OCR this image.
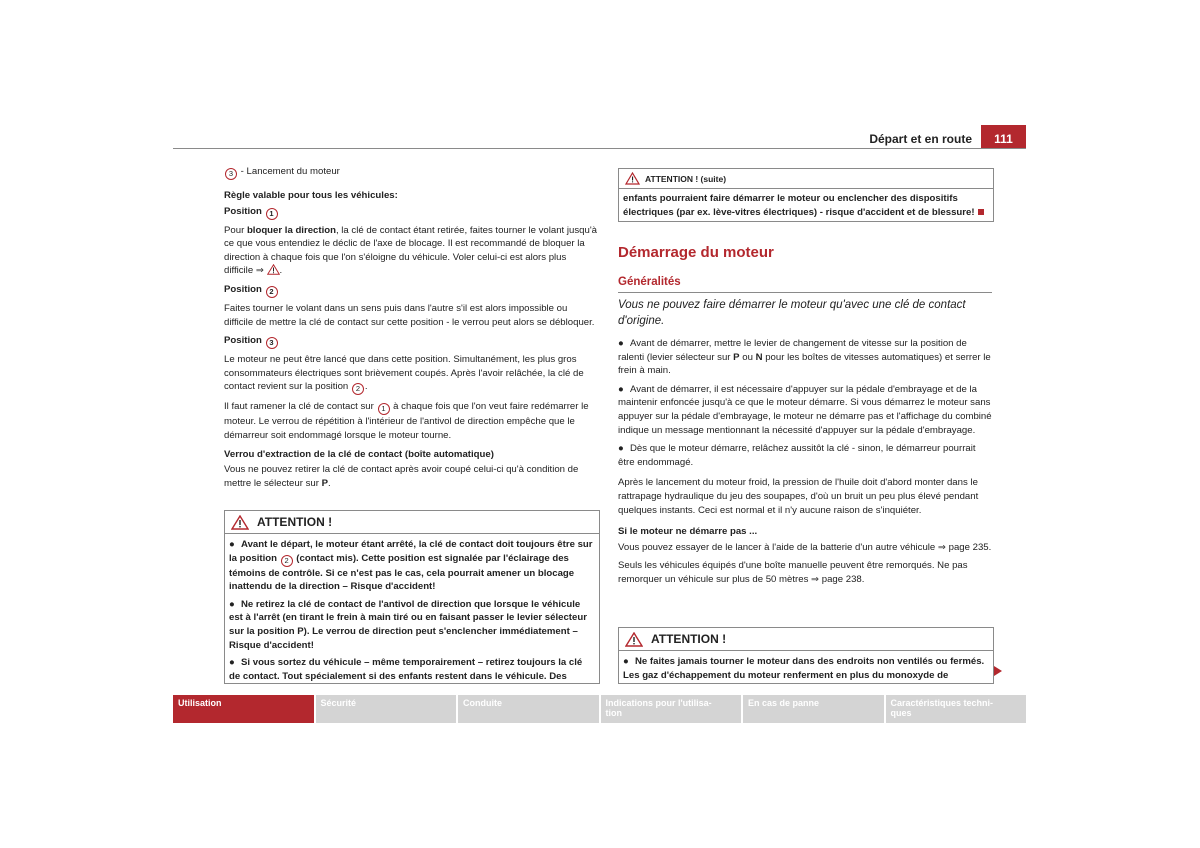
Départ et en route	111

3 - Lancement du moteur

Règle valable pour tous les véhicules:

Position 1

Pour bloquer la direction, la clé de contact étant retirée, faites tourner le volant jusqu'à ce que vous entendiez le déclic de l'axe de blocage. Il est recommandé de bloquer la direction à chaque fois que l'on s'éloigne du véhicule. Voler celui-ci est alors plus difficile ⇒ .

Position 2

Faites tourner le volant dans un sens puis dans l'autre s'il est alors impossible ou difficile de mettre la clé de contact sur cette position - le verrou peut alors se débloquer.

Position 3

Le moteur ne peut être lancé que dans cette position. Simultanément, les plus gros consommateurs électriques sont brièvement coupés. Après l'avoir relâchée, la clé de contact revient sur la position 2 .

Il faut ramener la clé de contact sur 1 à chaque fois que l'on veut faire redémarrer le moteur. Le verrou de répétition à l'intérieur de l'antivol de direction empêche que le démarreur soit endommagé lorsque le moteur tourne.

Verrou d'extraction de la clé de contact (boîte automatique)

Vous ne pouvez retirer la clé de contact après avoir coupé celui-ci qu'à condition de mettre le sélecteur sur P.

ATTENTION !

● Avant le départ, le moteur étant arrêté, la clé de contact doit toujours être sur la position 2 (contact mis). Cette position est signalée par l'éclairage des témoins de contrôle. Si ce n'est pas le cas, cela pourrait amener un blocage inattendu de la direction – Risque d'accident!

● Ne retirez la clé de contact de l'antivol de direction que lorsque le véhicule est à l'arrêt (en tirant le frein à main tiré ou en faisant passer le levier sélecteur sur la position P). Le verrou de direction peut s'enclencher immédiatement – Risque d'accident!

● Si vous sortez du véhicule – même temporairement – retirez toujours la clé de contact. Tout spécialement si des enfants restent dans le véhicule. Des

ATTENTION ! (suite)
enfants pourraient faire démarrer le moteur ou enclencher des dispositifs électriques (par ex. lève-vitres électriques) - risque d'accident et de blessure!
Démarrage du moteur
Généralités
Vous ne pouvez faire démarrer le moteur qu'avec une clé de contact d'origine.

● Avant de démarrer, mettre le levier de changement de vitesse sur la position de ralenti (levier sélecteur sur P ou N pour les boîtes de vitesses automatiques) et serrer le frein à main.

● Avant de démarrer, il est nécessaire d'appuyer sur la pédale d'embrayage et de la maintenir enfoncée jusqu'à ce que le moteur démarre. Si vous démarrez le moteur sans appuyer sur la pédale d'embrayage, le moteur ne démarre pas et l'affichage du combiné indique un message mentionnant la nécessité d'appuyer sur la pédale d'embrayage.

● Dès que le moteur démarre, relâchez aussitôt la clé - sinon, le démarreur pourrait être endommagé.

Après le lancement du moteur froid, la pression de l'huile doit d'abord monter dans le rattrapage hydraulique du jeu des soupapes, d'où un bruit un peu plus élevé pendant quelques instants. Ceci est normal et il n'y aucune raison de s'inquiéter.

Si le moteur ne démarre pas ...

Vous pouvez essayer de le lancer à l'aide de la batterie d'un autre véhicule ⇒ page 235.

Seuls les véhicules équipés d'une boîte manuelle peuvent être remorqués. Ne pas remorquer un véhicule sur plus de 50 mètres ⇒ page 238.

ATTENTION !

● Ne faites jamais tourner le moteur dans des endroits non ventilés ou fermés. Les gaz d'échappement du moteur renferment en plus du monoxyde de

Utilisation	Sécurité	Conduite	Indications pour l'utilisa-
tion
En cas de panne	Caractéristiques techni-
ques
